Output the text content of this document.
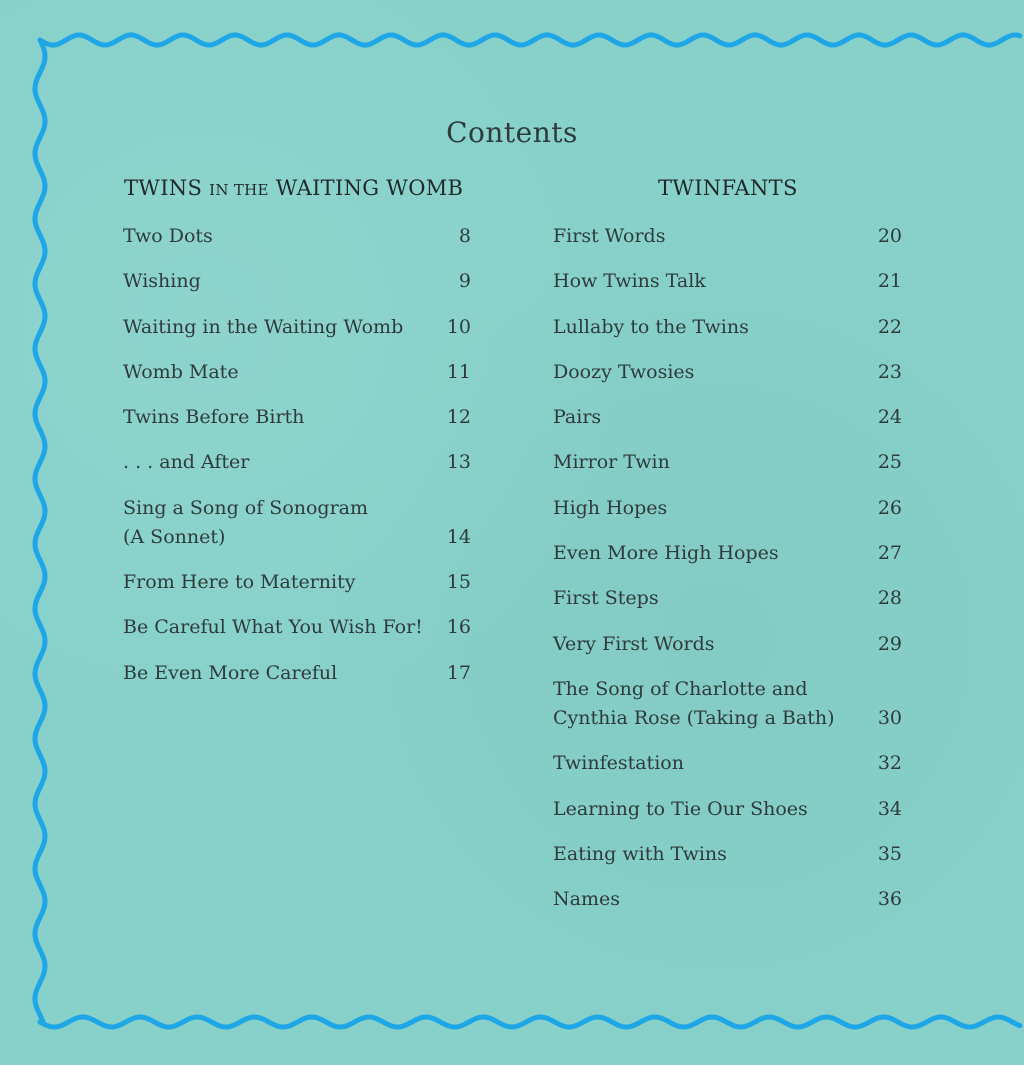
Contents
TWINS IN THE WAITING WOMB	TWINFANTS
Two Dots	8
Wishing	9
Waiting in the Waiting Womb	10
Womb Mate	11
Twins Before Birth	12
. . . and After	13
Sing a Song of Sonogram
(A Sonnet)	14
From Here to Maternity	15
Be Careful What You Wish For!	16
Be Even More Careful	17
First Words	20
How Twins Talk	21
Lullaby to the Twins	22
Doozy Twosies	23
Pairs	24
Mirror Twin	25
High Hopes	26
Even More High Hopes	27
First Steps	28
Very First Words	29
The Song of Charlotte and
Cynthia Rose (Taking a Bath)	30
Twinfestation	32
Learning to Tie Our Shoes	34
Eating with Twins	35
Names	36
